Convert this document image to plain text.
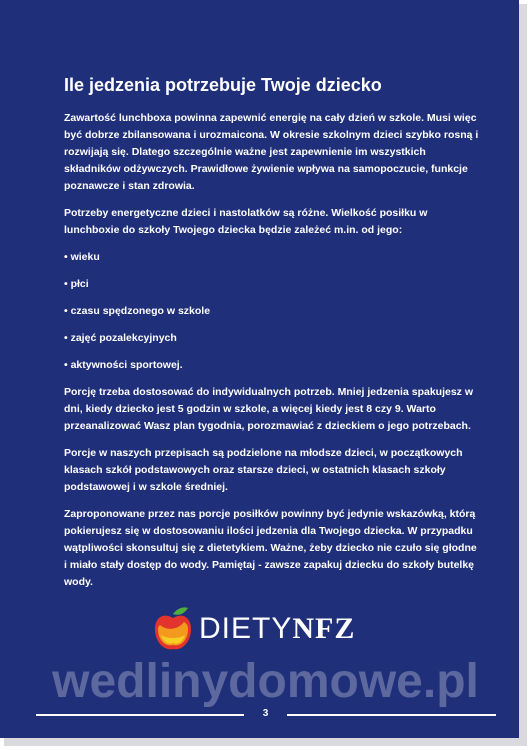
Ile jedzenia potrzebuje Twoje dziecko

Zawartość lunchboxa powinna zapewnić energię na cały dzień w szkole. Musi więc być dobrze zbilansowana i urozmaicona. W okresie szkolnym dzieci szybko rosną i rozwijają się. Dlatego szczególnie ważne jest zapewnienie im wszystkich składników odżywczych. Prawidłowe żywienie wpływa na samopoczucie, funkcje poznawcze i stan zdrowia.

Potrzeby energetyczne dzieci i nastolatków są różne. Wielkość posiłku w lunchboxie do szkoły Twojego dziecka będzie zależeć m.in. od jego:

• wieku
• płci
• czasu spędzonego w szkole
• zajęć pozalekcyjnych
• aktywności sportowej.

Porcję trzeba dostosować do indywidualnych potrzeb. Mniej jedzenia spakujesz w dni, kiedy dziecko jest 5 godzin w szkole, a więcej kiedy jest 8 czy 9. Warto przeanalizować Wasz plan tygodnia, porozmawiać z dzieckiem o jego potrzebach.

Porcje w naszych przepisach są podzielone na młodsze dzieci, w początkowych klasach szkół podstawowych oraz starsze dzieci, w ostatnich klasach szkoły podstawowej i w szkole średniej.

Zaproponowane przez nas porcje posiłków powinny być jedynie wskazówką, którą pokierujesz się w dostosowaniu ilości jedzenia dla Twojego dziecka. W przypadku wątpliwości skonsultuj się z dietetykiem. Ważne, żeby dziecko nie czuło się głodne i miało stały dostęp do wody. Pamiętaj - zawsze zapakuj dziecku do szkoły butelkę wody.

DIETYNFZ
wedlinydomowe.pl
3
